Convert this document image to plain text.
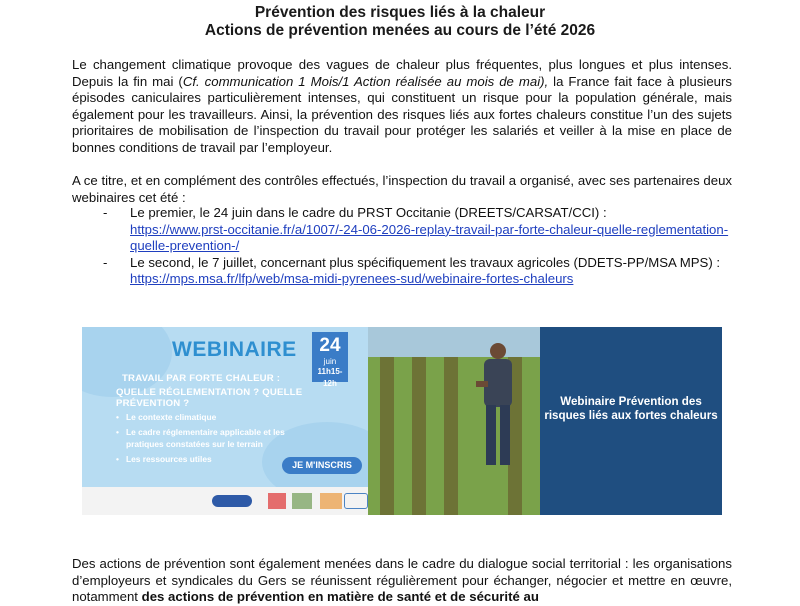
Prévention des risques liés à la chaleur
Actions de prévention menées au cours de l’été 2026
Le changement climatique provoque des vagues de chaleur plus fréquentes, plus longues et plus intenses. Depuis la fin mai (Cf. communication 1 Mois/1 Action réalisée au mois de mai), la France fait face à plusieurs épisodes caniculaires particulièrement intenses, qui constituent un risque pour la population générale, mais également pour les travailleurs. Ainsi, la prévention des risques liés aux fortes chaleurs constitue l’un des sujets prioritaires de mobilisation de l’inspection du travail pour protéger les salariés et veiller à la mise en place de bonnes conditions de travail par l’employeur.
A ce titre, et en complément des contrôles effectués, l’inspection du travail a organisé, avec ses partenaires deux webinaires cet été :
- Le premier, le 24 juin dans le cadre du PRST Occitanie (DREETS/CARSAT/CCI) :
https://www.prst-occitanie.fr/a/1007/-24-06-2026-replay-travail-par-forte-chaleur-quelle-reglementation-quelle-prevention-/
- Le second, le 7 juillet, concernant plus spécifiquement les travaux agricoles (DDETS-PP/MSA MPS) :
https://mps.msa.fr/lfp/web/msa-midi-pyrenees-sud/webinaire-fortes-chaleurs
WEBINAIRE	24
juin
11h15-12h
TRAVAIL PAR FORTE CHALEUR :
QUELLE RÉGLEMENTATION ? QUELLE PRÉVENTION ?
• Le contexte climatique
• Le cadre réglementaire applicable et les pratiques constatées sur le terrain
• Les ressources utiles
JE M'INSCRIS
Webinaire Prévention des risques liés aux fortes chaleurs
Des actions de prévention sont également menées dans le cadre du dialogue social territorial : les organisations d’employeurs et syndicales du Gers se réunissent régulièrement pour échanger, négocier et mettre en œuvre, notamment des actions de prévention en matière de santé et de sécurité au
